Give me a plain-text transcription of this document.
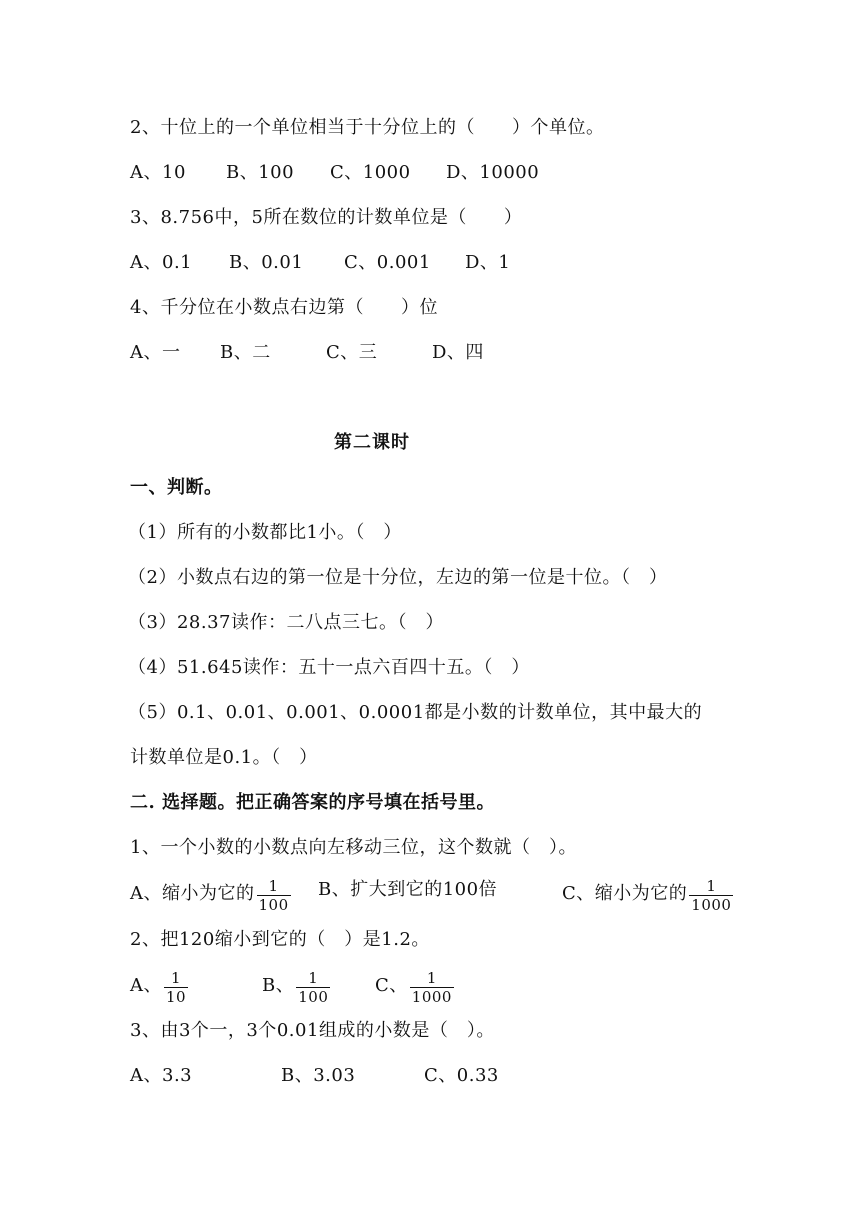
2、十位上的一个单位相当于十分位上的（　　）个单位。
A、10 B、100 C、1000 D、10000
3、8.756中，5所在数位的计数单位是（　　）
A、0.1 B、0.01 C、0.001 D、1
4、千分位在小数点右边第（　　）位
A、一 B、二	C、三	D、四
第二课时
一、判断。
（1）所有的小数都比1小。（　）
（2）小数点右边的第一位是十分位，左边的第一位是十位。（　）
（3）28.37读作：二八点三七。（　）
（4）51.645读作：五十一点六百四十五。（　）
（5）0.1、0.01、0.001、0.0001都是小数的计数单位，其中最大的
计数单位是0.1。（　）
二. 选择题。把正确答案的序号填在括号里。
1、一个小数的小数点向左移动三位，这个数就（　）。
A、缩小为它的 $\frac{1}{100}$ B、扩大到它的100倍	C、缩小为它的 $\frac{1}{1000}$
2、把120缩小到它的（　）是1.2。
A、 $\frac{1}{10}$	B、 $\frac{1}{100}$ C、 $\frac{1}{1000}$
3、由3个一，3个0.01组成的小数是（　）。
A、3.3	B、3.03	C、0.33
